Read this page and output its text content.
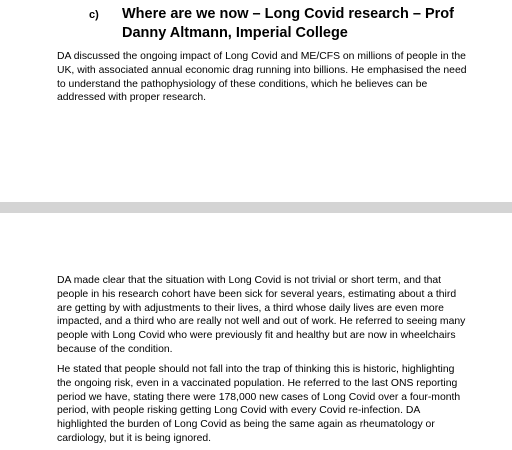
c) Where are we now – Long Covid research – Prof Danny Altmann, Imperial College

DA discussed the ongoing impact of Long Covid and ME/CFS on millions of people in the UK, with associated annual economic drag running into billions. He emphasised the need to understand the pathophysiology of these conditions, which he believes can be addressed with proper research.

DA made clear that the situation with Long Covid is not trivial or short term, and that people in his research cohort have been sick for several years, estimating about a third are getting by with adjustments to their lives, a third whose daily lives are even more impacted, and a third who are really not well and out of work. He referred to seeing many people with Long Covid who were previously fit and healthy but are now in wheelchairs because of the condition.

He stated that people should not fall into the trap of thinking this is historic, highlighting the ongoing risk, even in a vaccinated population. He referred to the last ONS reporting period we have, stating there were 178,000 new cases of Long Covid over a four-month period, with people risking getting Long Covid with every Covid re-infection. DA highlighted the burden of Long Covid as being the same again as rheumatology or cardiology, but it is being ignored.
